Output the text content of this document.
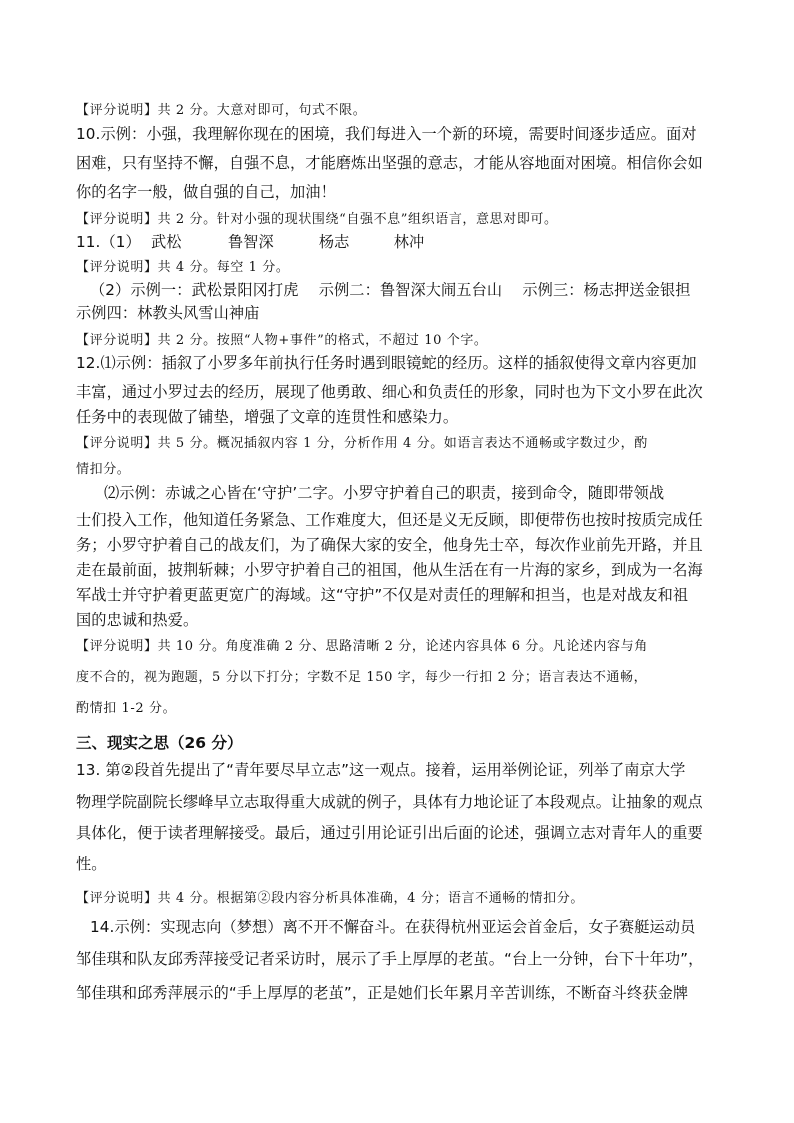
【评分说明】共 2 分。大意对即可，句式不限。
10.示例：小强，我理解你现在的困境，我们每进入一个新的环境，需要时间逐步适应。面对
困难，只有坚持不懈，自强不息，才能磨炼出坚强的意志，才能从容地面对困境。相信你会如
你的名字一般，做自强的自己，加油！
【评分说明】共 2 分。针对小强的现状围绕“自强不息”组织语言，意思对即可。
11.（1） 武松	鲁智深	杨志	林冲
【评分说明】共 4 分。每空 1 分。
（2）示例一：武松景阳冈打虎　 示例二：鲁智深大闹五台山　 示例三：杨志押送金银担
示例四：林教头风雪山神庙
【评分说明】共 2 分。按照“人物+事件”的格式，不超过 10 个字。
12.⑴示例：插叙了小罗多年前执行任务时遇到眼镜蛇的经历。这样的插叙使得文章内容更加
丰富，通过小罗过去的经历，展现了他勇敢、细心和负责任的形象，同时也为下文小罗在此次
任务中的表现做了铺垫，增强了文章的连贯性和感染力。
【评分说明】共 5 分。概况插叙内容 1 分，分析作用 4 分。如语言表达不通畅或字数过少，酌
情扣分。
⑵示例：赤诚之心皆在‘守护’二字。小罗守护着自己的职责，接到命令，随即带领战
士们投入工作，他知道任务紧急、工作难度大，但还是义无反顾，即便带伤也按时按质完成任
务；小罗守护着自己的战友们，为了确保大家的安全，他身先士卒，每次作业前先开路，并且
走在最前面，披荆斩棘；小罗守护着自己的祖国，他从生活在有一片海的家乡，到成为一名海
军战士并守护着更蓝更宽广的海域。这“守护”不仅是对责任的理解和担当，也是对战友和祖
国的忠诚和热爱。
【评分说明】共 10 分。角度准确 2 分、思路清晰 2 分，论述内容具体 6 分。凡论述内容与角
度不合的，视为跑题，5 分以下打分；字数不足 150 字，每少一行扣 2 分；语言表达不通畅，
酌情扣 1-2 分。
三、现实之思（26 分）
13. 第②段首先提出了“青年要尽早立志”这一观点。接着，运用举例论证，列举了南京大学
物理学院副院长缪峰早立志取得重大成就的例子，具体有力地论证了本段观点。让抽象的观点
具体化，便于读者理解接受。最后，通过引用论证引出后面的论述，强调立志对青年人的重要
性。
【评分说明】共 4 分。根据第②段内容分析具体准确，4 分；语言不通畅的情扣分。
14.示例：实现志向（梦想）离不开不懈奋斗。在获得杭州亚运会首金后，女子赛艇运动员
邹佳琪和队友邱秀萍接受记者采访时，展示了手上厚厚的老茧。“台上一分钟，台下十年功”，
邹佳琪和邱秀萍展示的“手上厚厚的老茧”，正是她们长年累月辛苦训练，不断奋斗终获金牌
